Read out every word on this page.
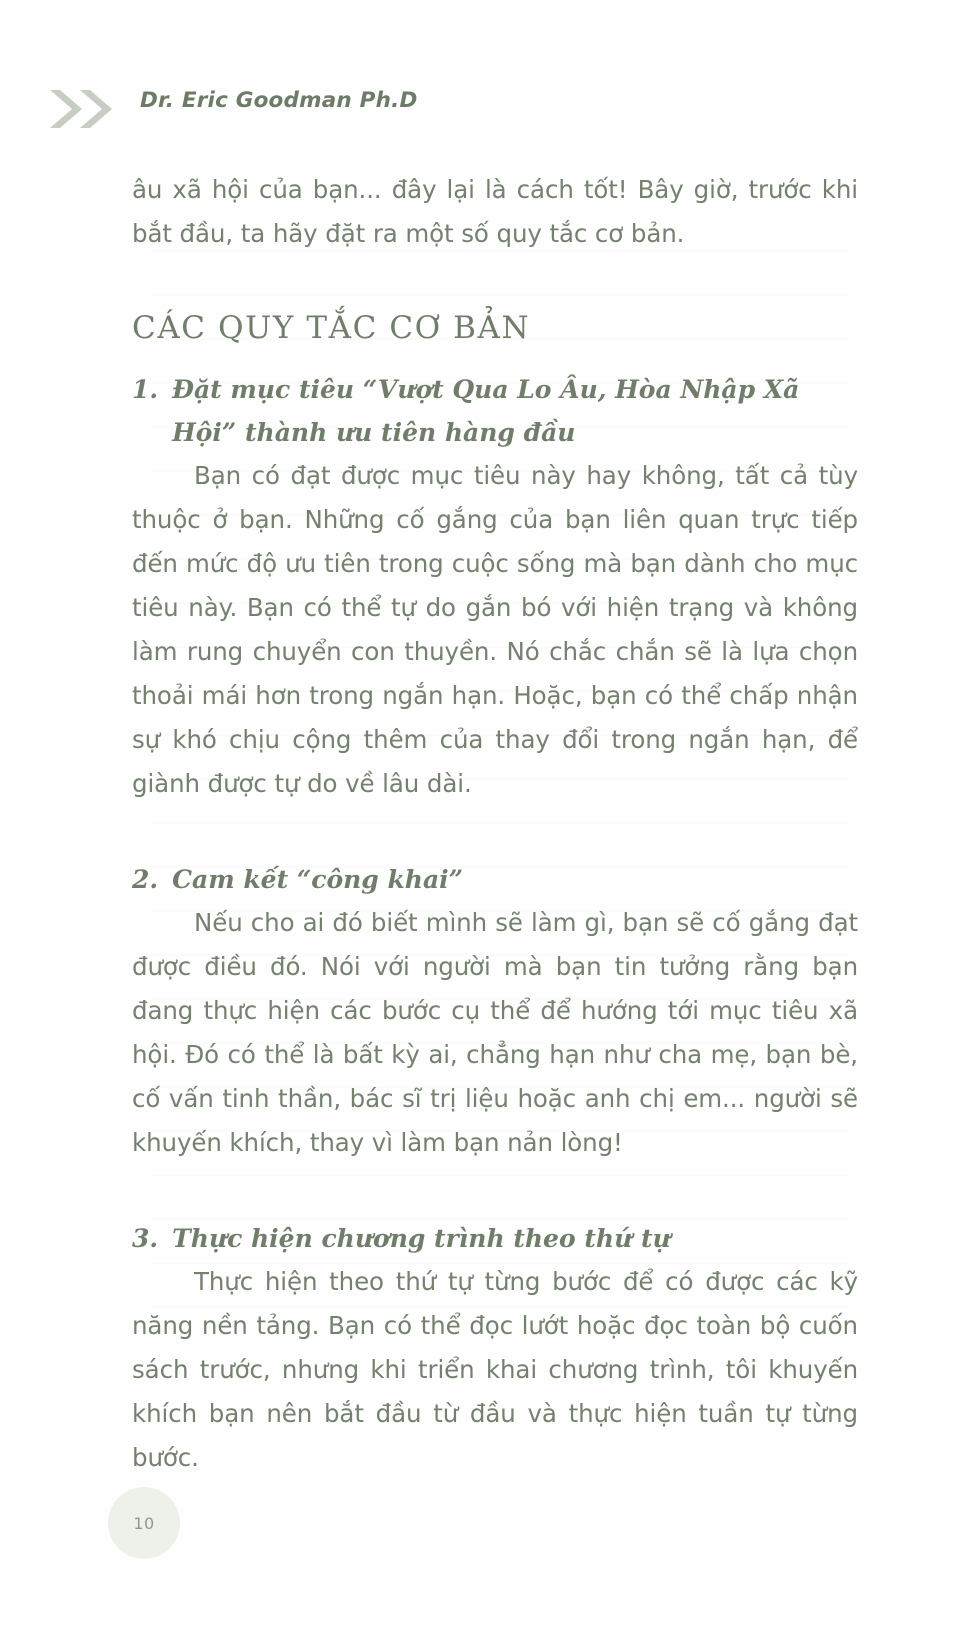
Dr. Eric Goodman Ph.D

âu xã hội của bạn... đây lại là cách tốt! Bây giờ, trước khi bắt đầu, ta hãy đặt ra một số quy tắc cơ bản.

CÁC QUY TẮC CƠ BẢN
1. Đặt mục tiêu “Vượt Qua Lo Âu, Hòa Nhập Xã Hội” thành ưu tiên hàng đầu

Bạn có đạt được mục tiêu này hay không, tất cả tùy thuộc ở bạn. Những cố gắng của bạn liên quan trực tiếp đến mức độ ưu tiên trong cuộc sống mà bạn dành cho mục tiêu này. Bạn có thể tự do gắn bó với hiện trạng và không làm rung chuyển con thuyền. Nó chắc chắn sẽ là lựa chọn thoải mái hơn trong ngắn hạn. Hoặc, bạn có thể chấp nhận sự khó chịu cộng thêm của thay đổi trong ngắn hạn, để giành được tự do về lâu dài.

2. Cam kết “công khai”

Nếu cho ai đó biết mình sẽ làm gì, bạn sẽ cố gắng đạt được điều đó. Nói với người mà bạn tin tưởng rằng bạn đang thực hiện các bước cụ thể để hướng tới mục tiêu xã hội. Đó có thể là bất kỳ ai, chẳng hạn như cha mẹ, bạn bè, cố vấn tinh thần, bác sĩ trị liệu hoặc anh chị em... người sẽ khuyến khích, thay vì làm bạn nản lòng!

3. Thực hiện chương trình theo thứ tự

Thực hiện theo thứ tự từng bước để có được các kỹ năng nền tảng. Bạn có thể đọc lướt hoặc đọc toàn bộ cuốn sách trước, nhưng khi triển khai chương trình, tôi khuyến khích bạn nên bắt đầu từ đầu và thực hiện tuần tự từng bước.

10
